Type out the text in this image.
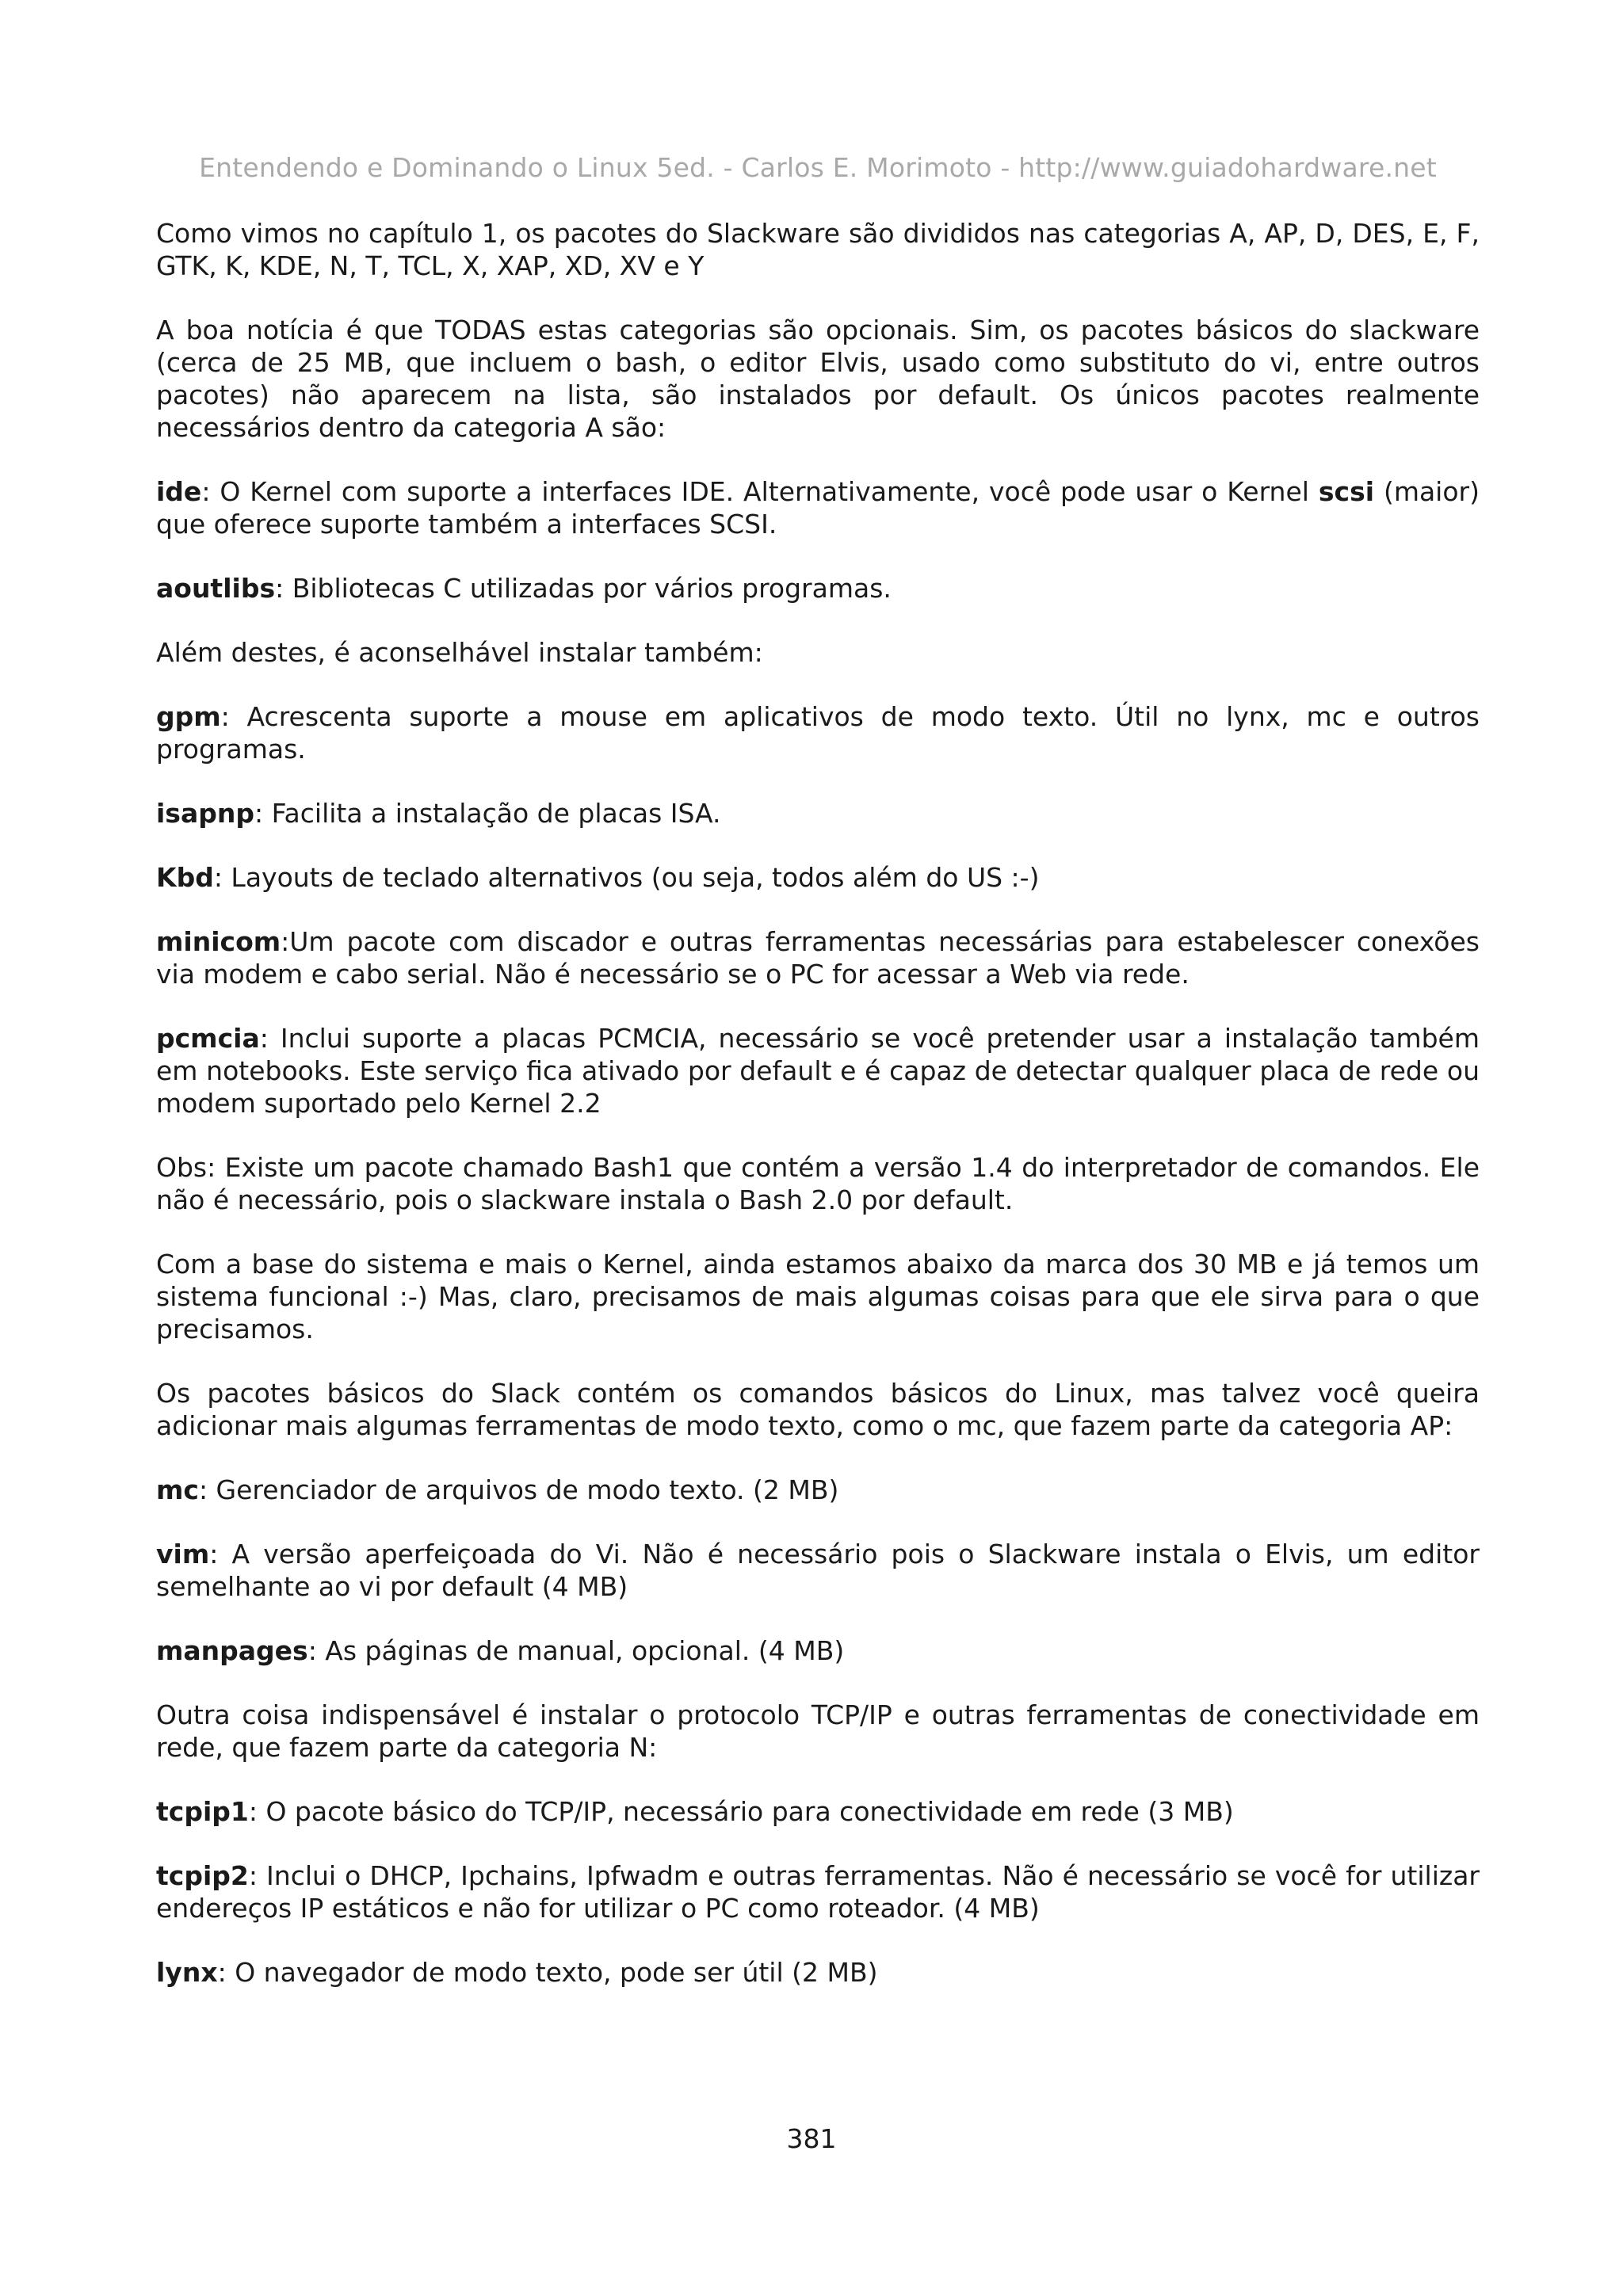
Entendendo e Dominando o Linux 5ed. - Carlos E. Morimoto - http://www.guiadohardware.net

Como vimos no capítulo 1, os pacotes do Slackware são divididos nas categorias A, AP, D, DES, E, F, GTK, K, KDE, N, T, TCL, X, XAP, XD, XV e Y

A boa notícia é que TODAS estas categorias são opcionais. Sim, os pacotes básicos do slackware (cerca de 25 MB, que incluem o bash, o editor Elvis, usado como substituto do vi, entre outros pacotes) não aparecem na lista, são instalados por default. Os únicos pacotes realmente necessários dentro da categoria A são:

ide: O Kernel com suporte a interfaces IDE. Alternativamente, você pode usar o Kernel scsi (maior) que oferece suporte também a interfaces SCSI.

aoutlibs: Bibliotecas C utilizadas por vários programas.

Além destes, é aconselhável instalar também:

gpm: Acrescenta suporte a mouse em aplicativos de modo texto. Útil no lynx, mc e outros programas.

isapnp: Facilita a instalação de placas ISA.

Kbd: Layouts de teclado alternativos (ou seja, todos além do US :-)

minicom:Um pacote com discador e outras ferramentas necessárias para estabelescer conexões via modem e cabo serial. Não é necessário se o PC for acessar a Web via rede.

pcmcia: Inclui suporte a placas PCMCIA, necessário se você pretender usar a instalação também em notebooks. Este serviço fica ativado por default e é capaz de detectar qualquer placa de rede ou modem suportado pelo Kernel 2.2

Obs: Existe um pacote chamado Bash1 que contém a versão 1.4 do interpretador de comandos. Ele não é necessário, pois o slackware instala o Bash 2.0 por default.

Com a base do sistema e mais o Kernel, ainda estamos abaixo da marca dos 30 MB e já temos um sistema funcional :-) Mas, claro, precisamos de mais algumas coisas para que ele sirva para o que precisamos.

Os pacotes básicos do Slack contém os comandos básicos do Linux, mas talvez você queira adicionar mais algumas ferramentas de modo texto, como o mc, que fazem parte da categoria AP:

mc: Gerenciador de arquivos de modo texto. (2 MB)

vim: A versão aperfeiçoada do Vi. Não é necessário pois o Slackware instala o Elvis, um editor semelhante ao vi por default (4 MB)

manpages: As páginas de manual, opcional. (4 MB)

Outra coisa indispensável é instalar o protocolo TCP/IP e outras ferramentas de conectividade em rede, que fazem parte da categoria N:

tcpip1: O pacote básico do TCP/IP, necessário para conectividade em rede (3 MB)

tcpip2: Inclui o DHCP, Ipchains, Ipfwadm e outras ferramentas. Não é necessário se você for utilizar endereços IP estáticos e não for utilizar o PC como roteador. (4 MB)

lynx: O navegador de modo texto, pode ser útil (2 MB)

381
